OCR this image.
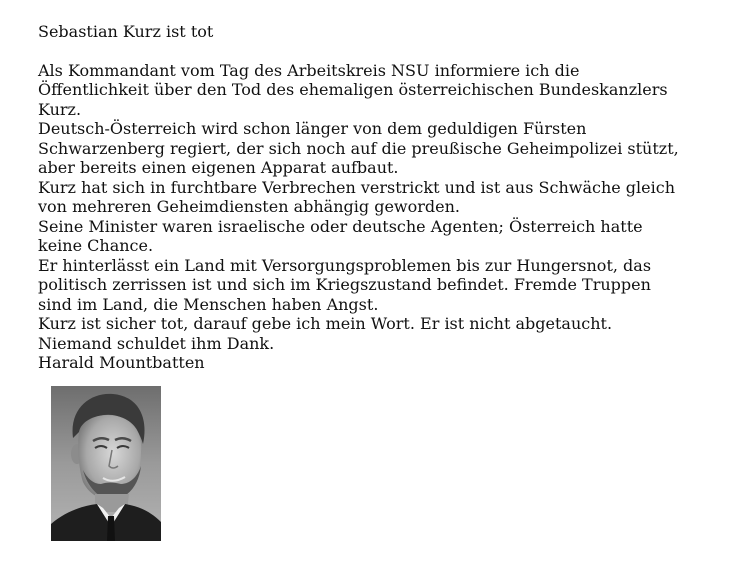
Sebastian Kurz ist tot

Als Kommandant vom Tag des Arbeitskreis NSU informiere ich die
Öffentlichkeit über den Tod des ehemaligen österreichischen Bundeskanzlers
Kurz.

Deutsch-Österreich wird schon länger von dem geduldigen Fürsten
Schwarzenberg regiert, der sich noch auf die preußische Geheimpolizei stützt,
aber bereits einen eigenen Apparat aufbaut.

Kurz hat sich in furchtbare Verbrechen verstrickt und ist aus Schwäche gleich
von mehreren Geheimdiensten abhängig geworden.

Seine Minister waren israelische oder deutsche Agenten; Österreich hatte
keine Chance.

Er hinterlässt ein Land mit Versorgungsproblemen bis zur Hungersnot, das
politisch zerrissen ist und sich im Kriegszustand befindet. Fremde Truppen
sind im Land, die Menschen haben Angst.

Kurz ist sicher tot, darauf gebe ich mein Wort. Er ist nicht abgetaucht.

Niemand schuldet ihm Dank.

Harald Mountbatten
